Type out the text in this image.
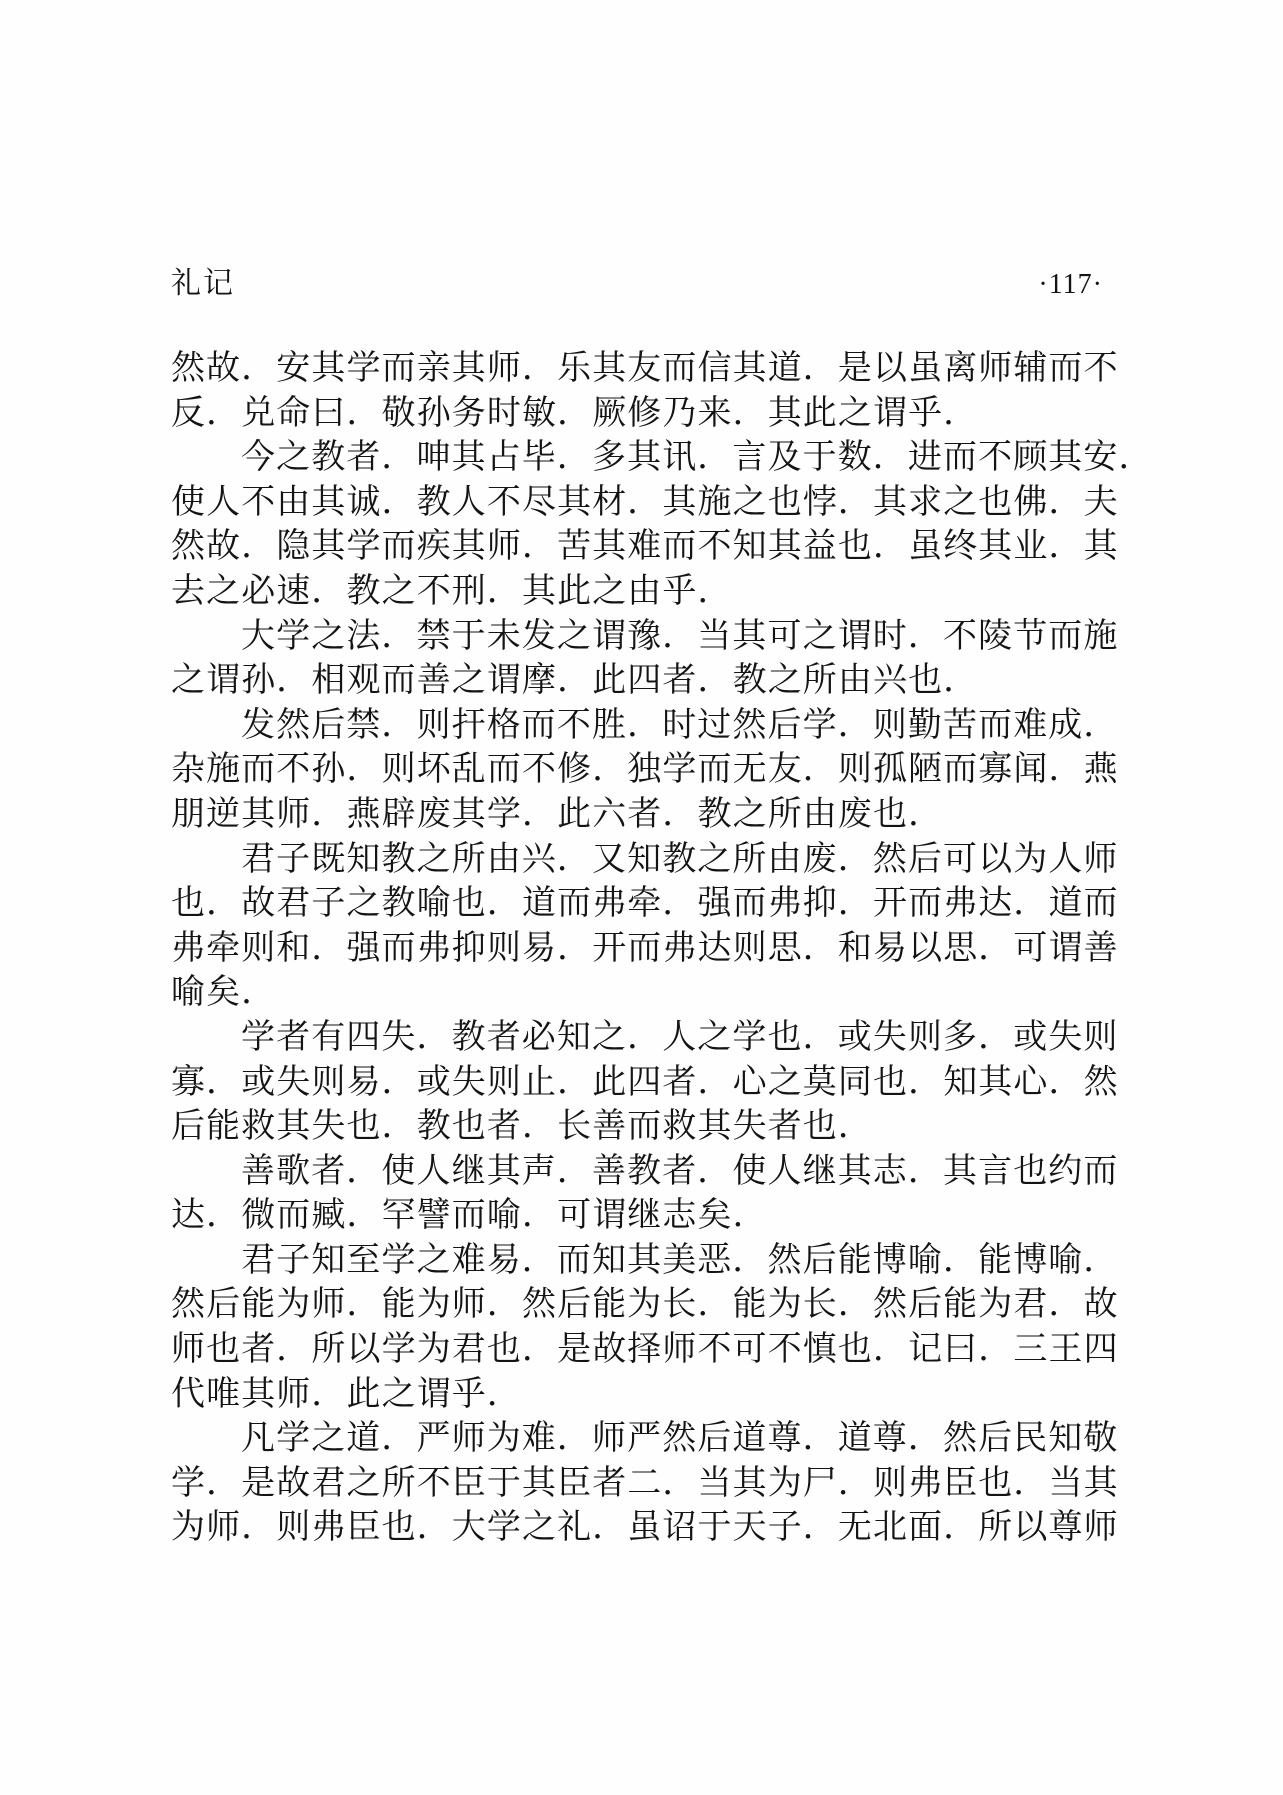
礼记	·117·
然故．安其学而亲其师．乐其友而信其道．是以虽离师辅而不
反．兑命曰．敬孙务时敏．厥修乃来．其此之谓乎．
今之教者．呻其占毕．多其讯．言及于数．进而不顾其安．
使人不由其诚．教人不尽其材．其施之也悖．其求之也佛．夫
然故．隐其学而疾其师．苦其难而不知其益也．虽终其业．其
去之必速．教之不刑．其此之由乎．
大学之法．禁于未发之谓豫．当其可之谓时．不陵节而施
之谓孙．相观而善之谓摩．此四者．教之所由兴也．
发然后禁．则扞格而不胜．时过然后学．则勤苦而难成．
杂施而不孙．则坏乱而不修．独学而无友．则孤陋而寡闻．燕
朋逆其师．燕辟废其学．此六者．教之所由废也．
君子既知教之所由兴．又知教之所由废．然后可以为人师
也．故君子之教喻也．道而弗牵．强而弗抑．开而弗达．道而
弗牵则和．强而弗抑则易．开而弗达则思．和易以思．可谓善
喻矣．
学者有四失．教者必知之．人之学也．或失则多．或失则
寡．或失则易．或失则止．此四者．心之莫同也．知其心．然
后能救其失也．教也者．长善而救其失者也．
善歌者．使人继其声．善教者．使人继其志．其言也约而
达．微而臧．罕譬而喻．可谓继志矣．
君子知至学之难易．而知其美恶．然后能博喻．能博喻．
然后能为师．能为师．然后能为长．能为长．然后能为君．故
师也者．所以学为君也．是故择师不可不慎也．记曰．三王四
代唯其师．此之谓乎．
凡学之道．严师为难．师严然后道尊．道尊．然后民知敬
学．是故君之所不臣于其臣者二．当其为尸．则弗臣也．当其
为师．则弗臣也．大学之礼．虽诏于天子．无北面．所以尊师
